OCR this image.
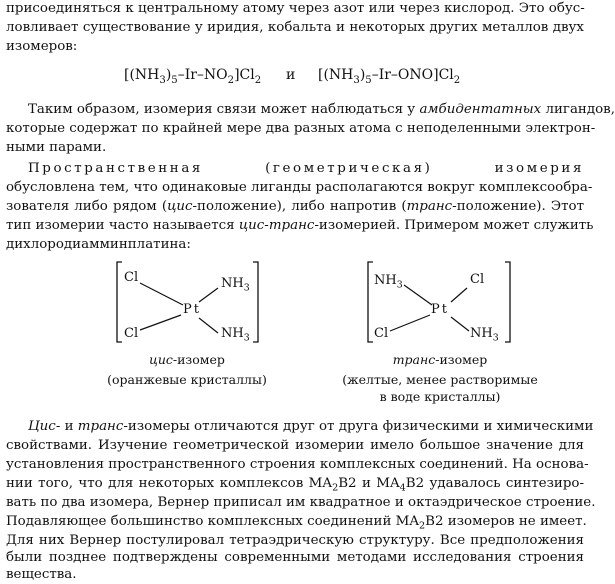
присоединяться к центральному атому через азот или через кислород. Это обус-
ловливает существование у иридия, кобальта и некоторых других металлов двух
изомеров:
$[(NH_3)_5-Ir-NO_2]Cl_2$ и $[(NH_3)_5-Ir-ONO]Cl_2$
Таким образом, изомерия связи может наблюдаться у амбидентатных лигандов,
которые содержат по крайней мере два разных атома с неподеленными электрон-
ными парами.
Пространственная (геометрическая) изомерия
обусловлена тем, что одинаковые лиганды располагаются вокруг комплексообра-
зователя либо рядом (цис-положение), либо напротив (транс-положение). Этот
тип изомерии часто называется цис-транс-изомерией. Примером может служить
дихлородиамминплатина:
Cl	$NH_3$
Pt
Cl	$NH_3$
$NH_3$	Cl
Pt
Cl	$NH_3$
цис-изомер
(оранжевые кристаллы)
транс-изомер
(желтые, менее растворимые
в воде кристаллы)
Цис- и транс-изомеры отличаются друг от друга физическими и химическими
свойствами. Изучение геометрической изомерии имело большое значение для
установления пространственного строения комплексных соединений. На основа-
нии того, что для некоторых комплексов $MA_2B2$ и $MA_4B2$ удавалось синтезиро-
вать по два изомера, Вернер приписал им квадратное и октаэдрическое строение.
Подавляющее большинство комплексных соединений $MA_2B2$ изомеров не имеет.
Для них Вернер постулировал тетраэдрическую структуру. Все предположения
были позднее подтверждены современными методами исследования строения
вещества.
